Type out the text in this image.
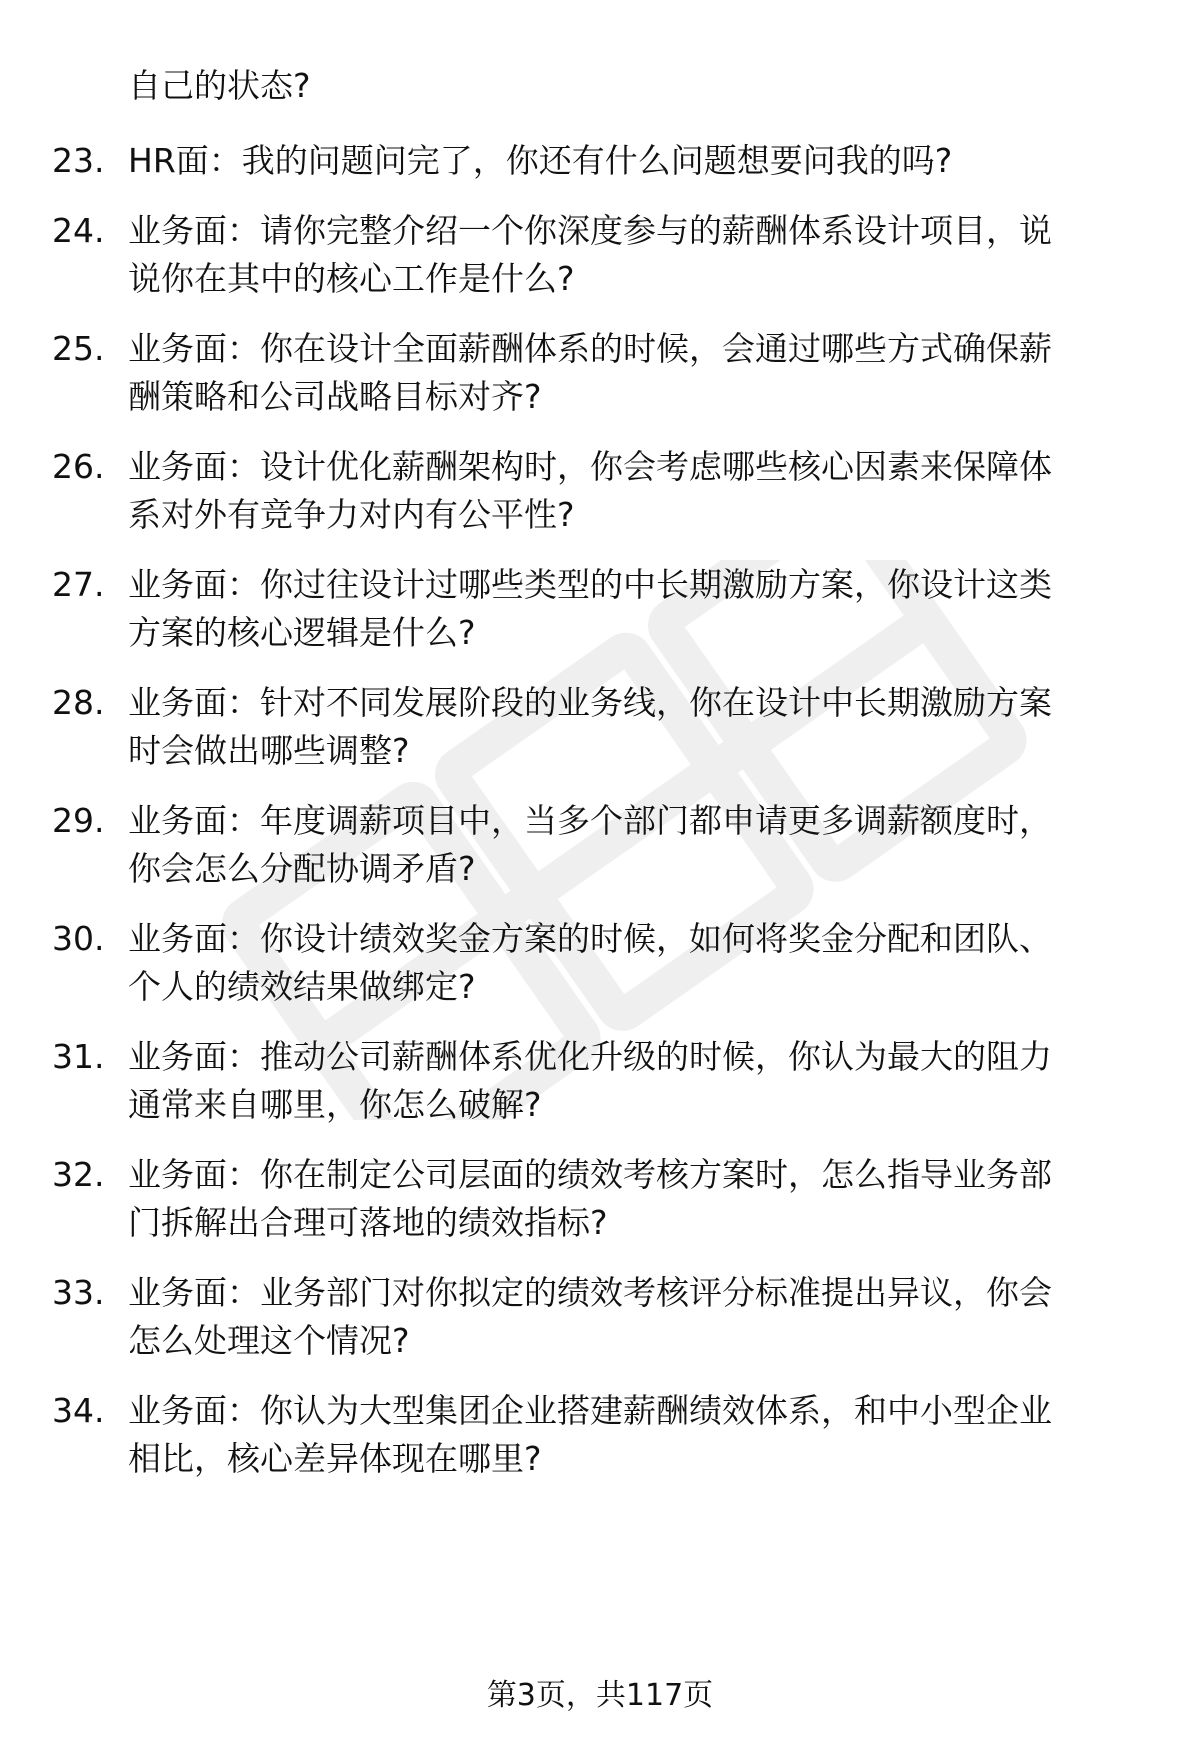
自己的状态?
23. HR面：我的问题问完了，你还有什么问题想要问我的吗?
24. 业务面：请你完整介绍一个你深度参与的薪酬体系设计项目，说
说你在其中的核心工作是什么?
25. 业务面：你在设计全面薪酬体系的时候，会通过哪些方式确保薪
酬策略和公司战略目标对齐?
26. 业务面：设计优化薪酬架构时，你会考虑哪些核心因素来保障体
系对外有竞争力对内有公平性?
27. 业务面：你过往设计过哪些类型的中长期激励方案，你设计这类
方案的核心逻辑是什么?
28. 业务面：针对不同发展阶段的业务线，你在设计中长期激励方案
时会做出哪些调整?
29. 业务面：年度调薪项目中，当多个部门都申请更多调薪额度时，
你会怎么分配协调矛盾?
30. 业务面：你设计绩效奖金方案的时候，如何将奖金分配和团队、
个人的绩效结果做绑定?
31. 业务面：推动公司薪酬体系优化升级的时候，你认为最大的阻力
通常来自哪里，你怎么破解?
32. 业务面：你在制定公司层面的绩效考核方案时，怎么指导业务部
门拆解出合理可落地的绩效指标?
33. 业务面：业务部门对你拟定的绩效考核评分标准提出异议，你会
怎么处理这个情况?
34. 业务面：你认为大型集团企业搭建薪酬绩效体系，和中小型企业
相比，核心差异体现在哪里?
第3页，共117页
